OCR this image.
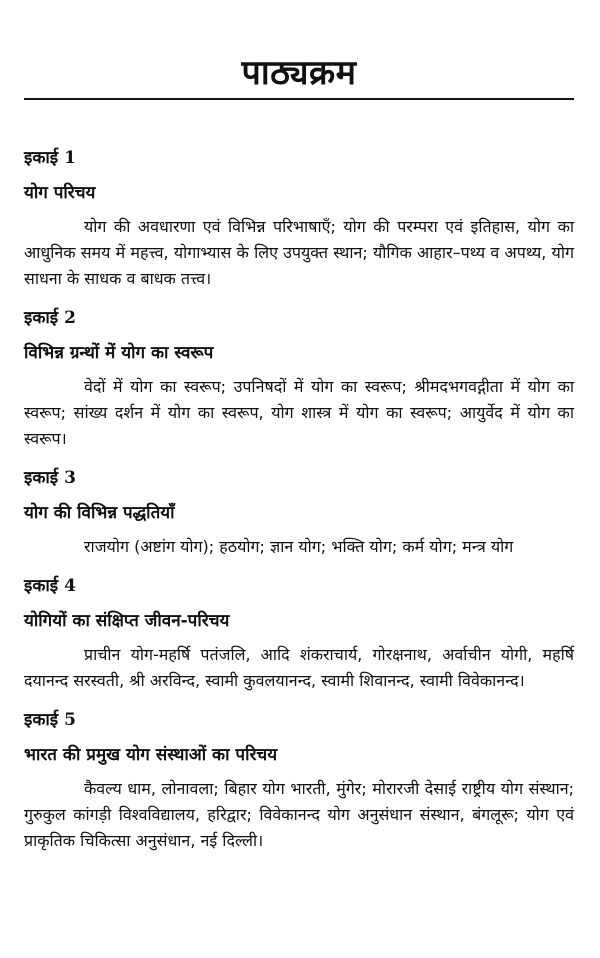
पाठ्यक्रम

इकाई 1

योग परिचय

योग की अवधारणा एवं विभिन्न परिभाषाएँ; योग की परम्परा एवं इतिहास, योग का आधुनिक समय में महत्त्व, योगाभ्यास के लिए उपयुक्त स्थान; यौगिक आहार–पथ्य व अपथ्य, योग साधना के साधक व बाधक तत्त्व।

इकाई 2

विभिन्न ग्रन्थों में योग का स्वरूप

वेदों में योग का स्वरूप; उपनिषदों में योग का स्वरूप; श्रीमदभगवद्गीता में योग का स्वरूप; सांख्य दर्शन में योग का स्वरूप, योग शास्त्र में योग का स्वरूप; आयुर्वेद में योग का स्वरूप।

इकाई 3

योग की विभिन्न पद्धतियाँ

राजयोग (अष्टांग योग); हठयोग; ज्ञान योग; भक्ति योग; कर्म योग; मन्त्र योग

इकाई 4

योगियों का संक्षिप्त जीवन-परिचय

प्राचीन योग-महर्षि पतंजलि, आदि शंकराचार्य, गोरक्षनाथ, अर्वाचीन योगी, महर्षि दयानन्द सरस्वती, श्री अरविन्द, स्वामी कुवलयानन्द, स्वामी शिवानन्द, स्वामी विवेकानन्द।

इकाई 5

भारत की प्रमुख योग संस्थाओं का परिचय

कैवल्य धाम, लोनावला; बिहार योग भारती, मुंगेर; मोरारजी देसाई राष्ट्रीय योग संस्थान; गुरुकुल कांगड़ी विश्वविद्यालय, हरिद्वार; विवेकानन्द योग अनुसंधान संस्थान, बंगलूरू; योग एवं प्राकृतिक चिकित्सा अनुसंधान, नई दिल्ली।
